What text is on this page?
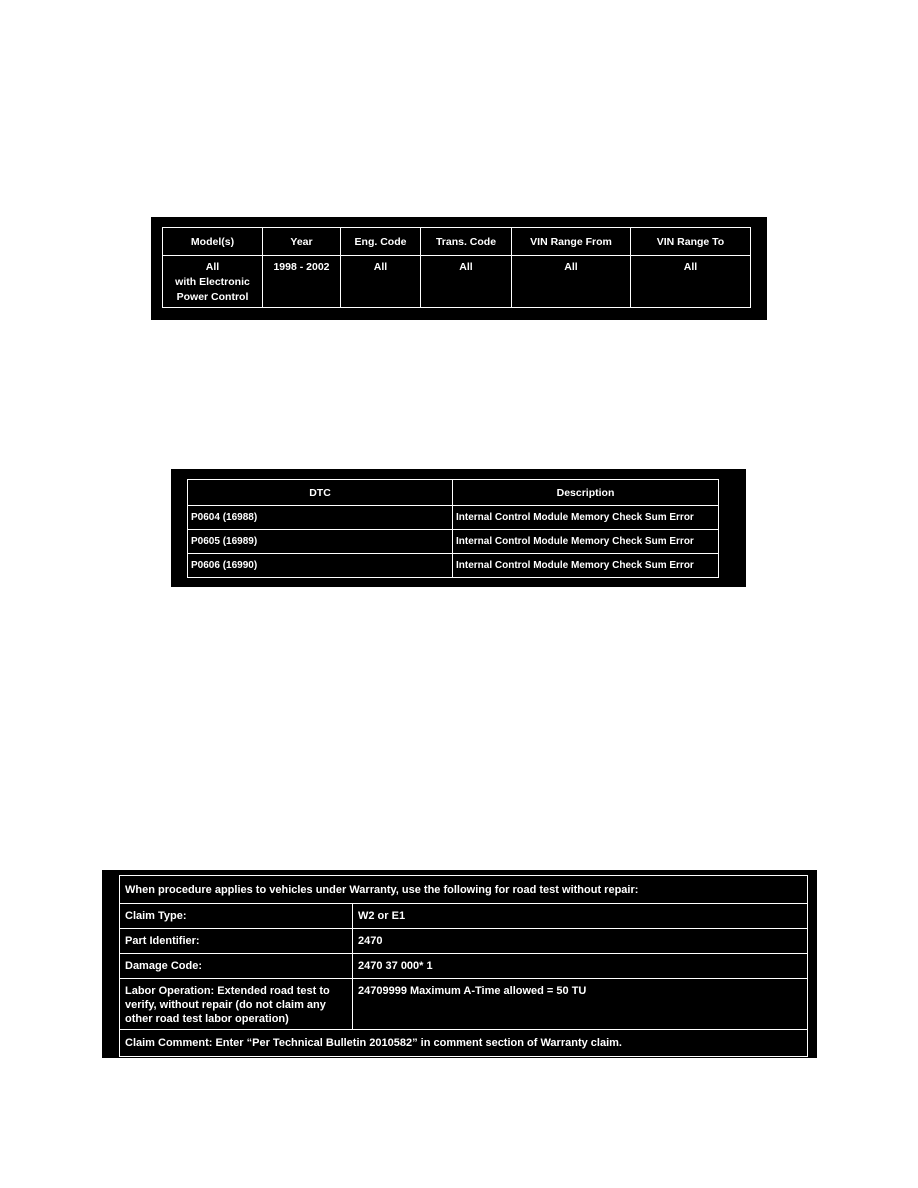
Model(s)	Year	Eng. Code	Trans. Code	VIN Range From	VIN Range To

All
with Electronic
Power Control	1998 - 2002	All	All	All	All
DTC	Description
P0604 (16988)	Internal Control Module Memory Check Sum Error
P0605 (16989)	Internal Control Module Memory Check Sum Error
P0606 (16990)	Internal Control Module Memory Check Sum Error
When procedure applies to vehicles under Warranty, use the following for road test without repair:	
Claim Type:	W2 or E1
Part Identifier:	2470
Damage Code:	2470 37 000* 1

Labor Operation: Extended road test to
verify, without repair (do not claim any
other road test labor operation)	24709999 Maximum A-Time allowed = 50 TU
Claim Comment: Enter “Per Technical Bulletin 2010582” in comment section of Warranty claim.	
